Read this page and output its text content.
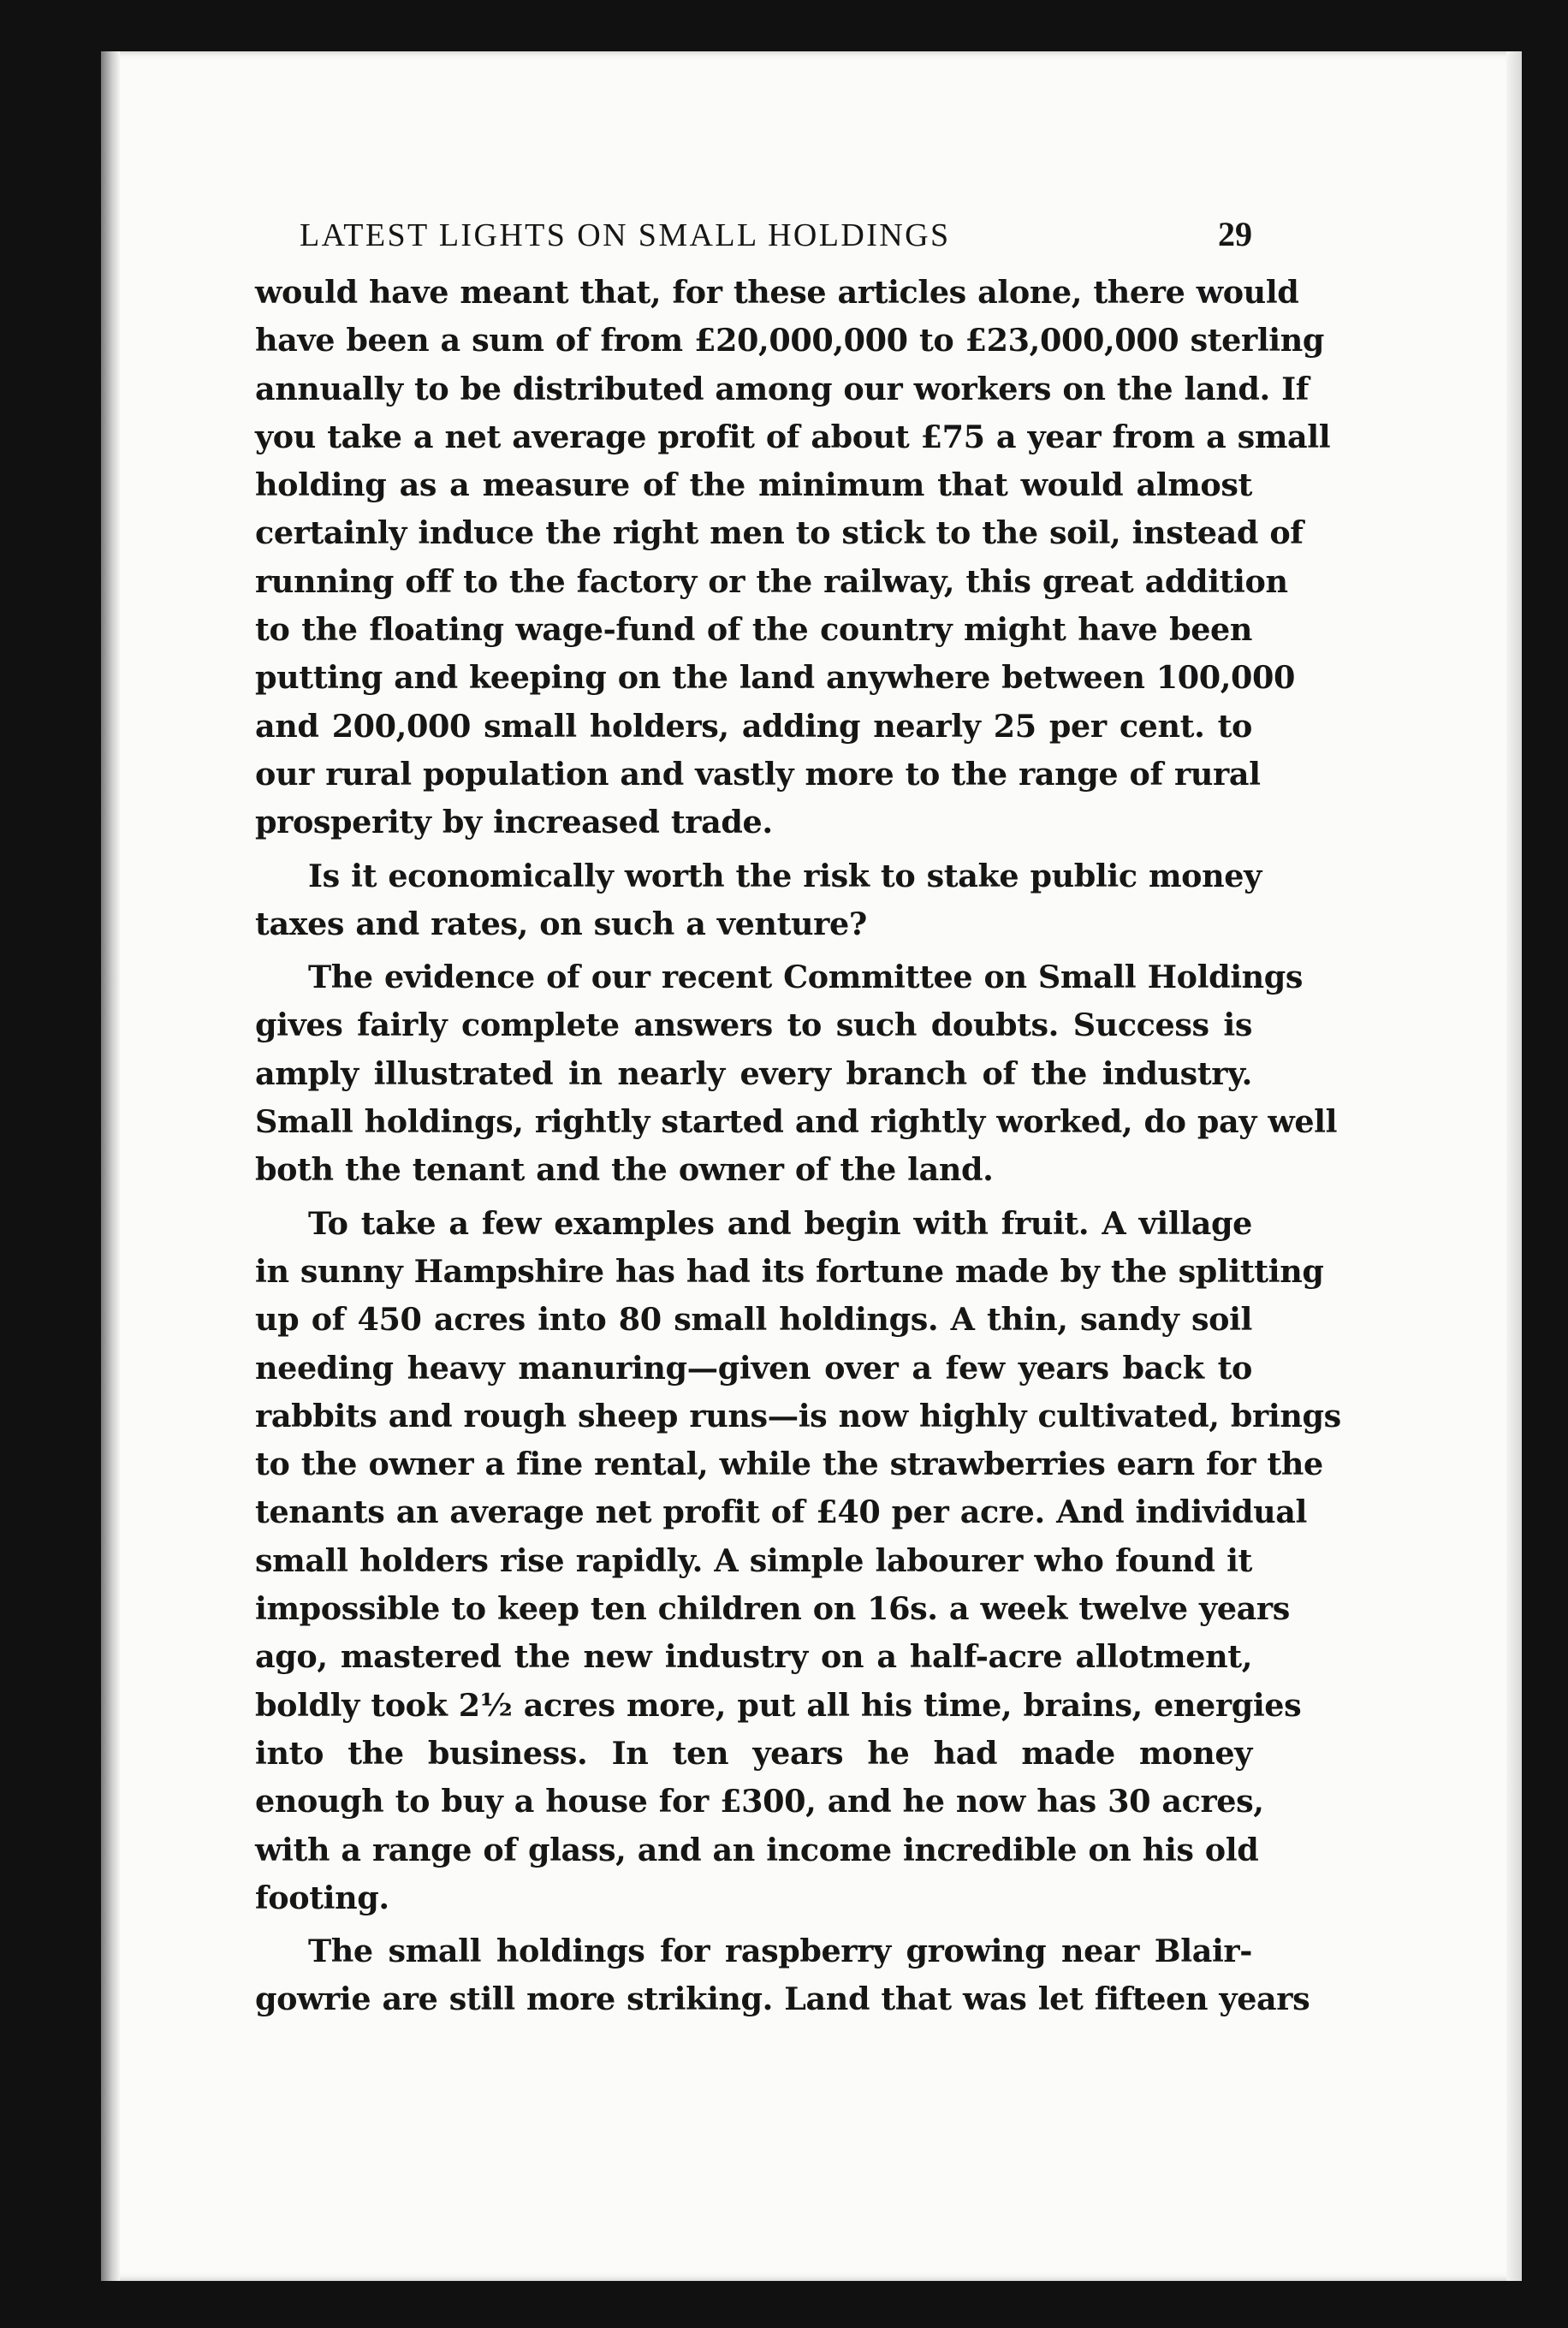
LATEST LIGHTS ON SMALL HOLDINGS	29
would have meant that, for these articles alone, there would
have been a sum of from £20,000,000 to £23,000,000 sterling
annually to be distributed among our workers on the land. If
you take a net average profit of about £75 a year from a small
holding as a measure of the minimum that would almost
certainly induce the right men to stick to the soil, instead of
running off to the factory or the railway, this great addition
to the floating wage-fund of the country might have been
putting and keeping on the land anywhere between 100,000
and 200,000 small holders, adding nearly 25 per cent. to
our rural population and vastly more to the range of rural
prosperity by increased trade.
Is it economically worth the risk to stake public money
taxes and rates, on such a venture?
The evidence of our recent Committee on Small Holdings
gives fairly complete answers to such doubts. Success is
amply illustrated in nearly every branch of the industry.
Small holdings, rightly started and rightly worked, do pay well
both the tenant and the owner of the land.
To take a few examples and begin with fruit. A village
in sunny Hampshire has had its fortune made by the splitting
up of 450 acres into 80 small holdings. A thin, sandy soil
needing heavy manuring—given over a few years back to
rabbits and rough sheep runs—is now highly cultivated, brings
to the owner a fine rental, while the strawberries earn for the
tenants an average net profit of £40 per acre. And individual
small holders rise rapidly. A simple labourer who found it
impossible to keep ten children on 16s. a week twelve years
ago, mastered the new industry on a half-acre allotment,
boldly took 2½ acres more, put all his time, brains, energies
into the business. In ten years he had made money
enough to buy a house for £300, and he now has 30 acres,
with a range of glass, and an income incredible on his old
footing.
The small holdings for raspberry growing near Blair-
gowrie are still more striking. Land that was let fifteen years
